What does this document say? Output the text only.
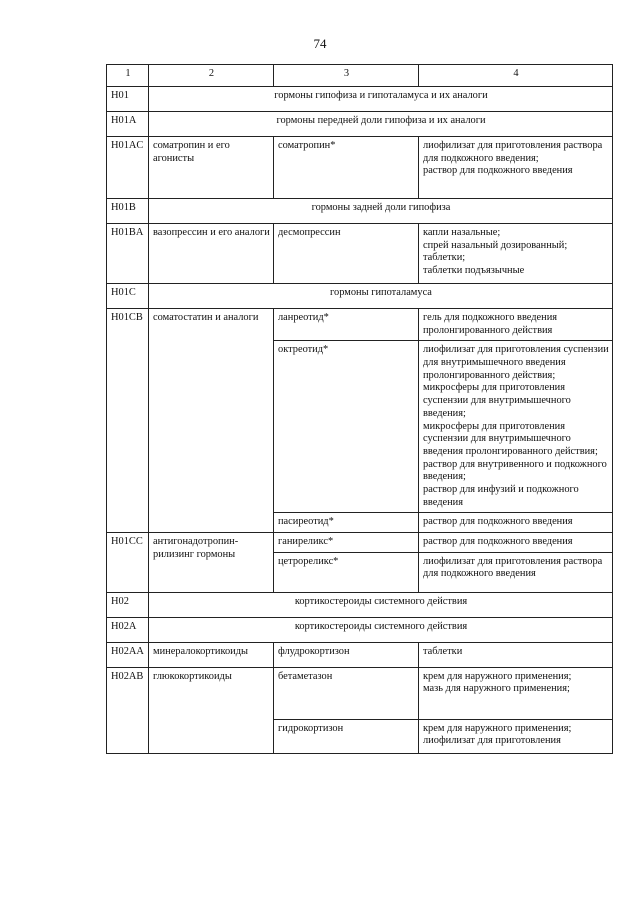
74
1	2	3	4
H01	гормоны гипофиза и гипоталамуса и их аналоги		
H01A	гормоны передней доли гипофиза и их аналоги		
H01AC	соматропин и его агонисты	соматропин*	лиофилизат для приготовления раствора для подкожного введения;
раствор для подкожного введения
H01B	гормоны задней доли гипофиза		
H01BA	вазопрессин и его аналоги	десмопрессин	капли назальные;
спрей назальный дозированный;
таблетки;
таблетки подъязычные
H01C	гормоны гипоталамуса		
H01CB	соматостатин и аналоги	ланреотид*	гель для подкожного введения пролонгированного действия
		октреотид*	лиофилизат для приготовления суспензии для внутримышечного введения пролонгированного действия;
микросферы для приготовления суспензии для внутримышечного введения;
микросферы для приготовления суспензии для внутримышечного введения пролонгированного действия;
раствор для внутривенного и подкожного введения;
раствор для инфузий и подкожного введения
		пасиреотид*	раствор для подкожного введения
H01CC	антигонадотропин-рилизинг гормоны	ганиреликс*	раствор для подкожного введения
		цетрореликс*	лиофилизат для приготовления раствора для подкожного введения
H02	кортикостероиды системного действия		
H02A	кортикостероиды системного действия		
H02AA	минералокортикоиды	флудрокортизон	таблетки
H02AB	глюкокортикоиды	бетаметазон	крем для наружного применения;
мазь для наружного применения;
		гидрокортизон	крем для наружного применения;
лиофилизат для приготовления
